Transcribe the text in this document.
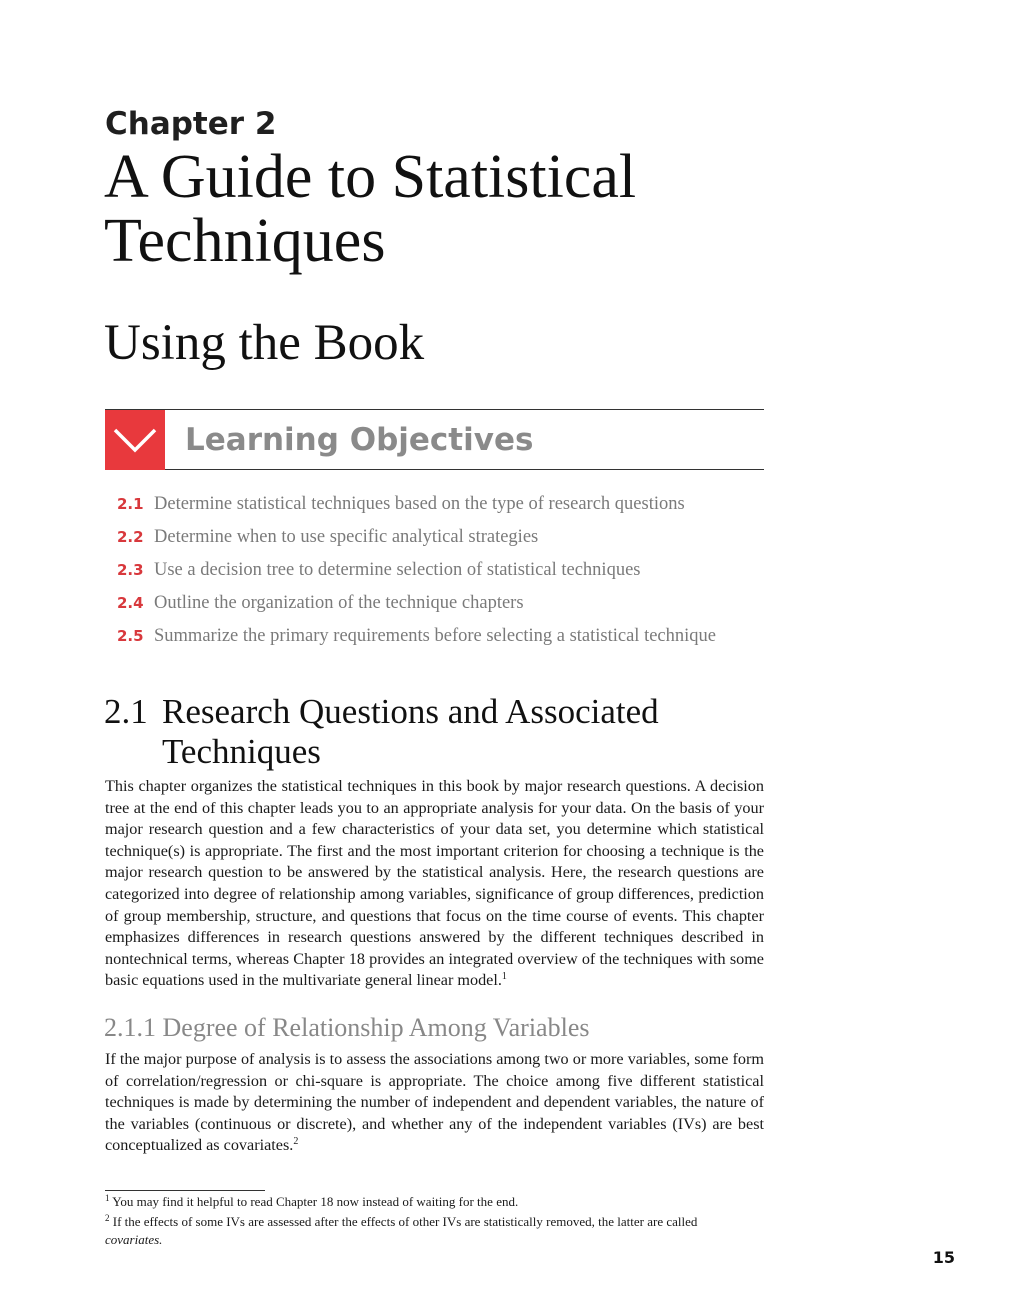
Chapter 2
A Guide to Statistical Techniques
Using the Book
Learning Objectives
2.1 Determine statistical techniques based on the type of research questions
2.2 Determine when to use specific analytical strategies
2.3 Use a decision tree to determine selection of statistical techniques
2.4 Outline the organization of the technique chapters
2.5 Summarize the primary requirements before selecting a statistical technique
2.1 Research Questions and Associated
Techniques
This chapter organizes the statistical techniques in this book by major research questions. A decision tree at the end of this chapter leads you to an appropriate analysis for your data. On the basis of your major research question and a few characteristics of your data set, you determine which statistical technique(s) is appropriate. The first and the most important criterion for choosing a technique is the major research question to be answered by the statistical analysis. Here, the research questions are categorized into degree of relationship among variables, significance of group differences, prediction of group membership, structure, and questions that focus on the time course of events. This chapter emphasizes differences in research questions answered by the different techniques described in nontechnical terms, whereas Chapter 18 provides an integrated overview of the techniques with some basic equations used in the multivariate general linear model.$^1$
2.1.1 Degree of Relationship Among Variables
If the major purpose of analysis is to assess the associations among two or more variables, some form of correlation/regression or chi-square is appropriate. The choice among five different statistical techniques is made by determining the number of independent and dependent variables, the nature of the variables (continuous or discrete), and whether any of the independent variables (IVs) are best conceptualized as covariates.$^2$
$^1$ You may find it helpful to read Chapter 18 now instead of waiting for the end.
$^2$ If the effects of some IVs are assessed after the effects of other IVs are statistically removed, the latter are called
covariates.
15
